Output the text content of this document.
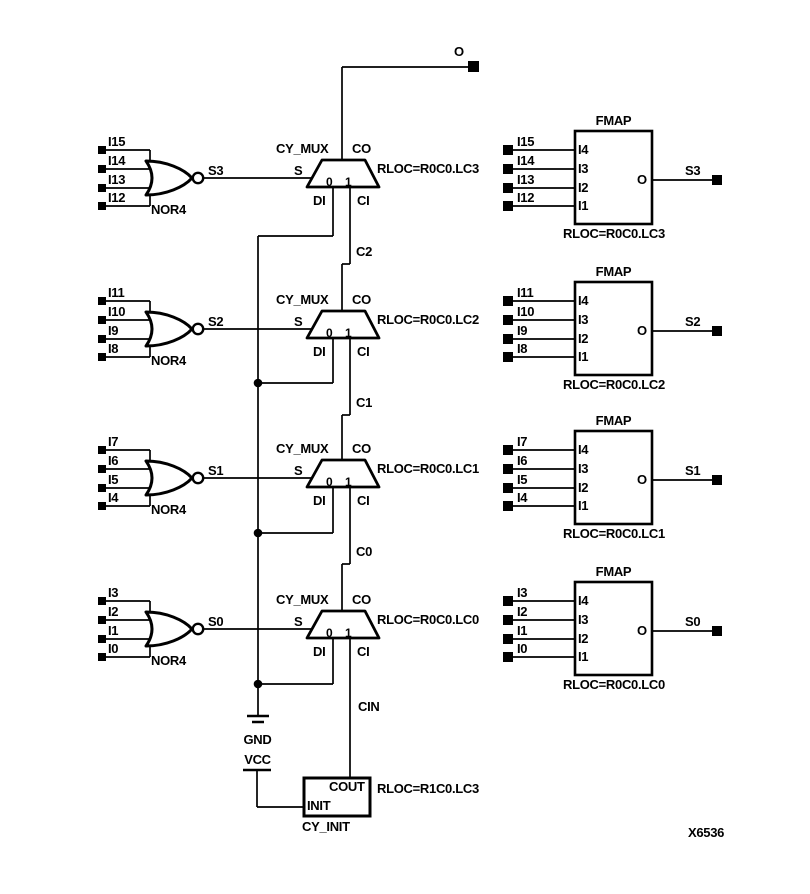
O
I15
I14
I13
I12
S3
NOR4
CY_MUX CO
S	RLOC=R0C0.LC3
0 1
DI CI
C2
FMAP
I15
I14
I13
I12
I4
I3
I2
I1
O
S3
RLOC=R0C0.LC3
I11
I10
I9
I8
S2
NOR4
CY_MUX CO
S	RLOC=R0C0.LC2
0 1
DI CI
C1
FMAP
I11
I10
I9
I8
I4
I3
I2
I1
O
S2
RLOC=R0C0.LC2
I7
I6
I5
I4
S1
NOR4
CY_MUX CO
S	RLOC=R0C0.LC1
0 1
DI CI
C0
FMAP
I7
I6
I5
I4
I4
I3
I2
I1
O
S1
RLOC=R0C0.LC1
I3
I2
I1
I0
S0
NOR4
CY_MUX CO
S	RLOC=R0C0.LC0
0 1
DI CI
CIN
FMAP
I3
I2
I1
I0
I4
I3
I2
I1
O
S0
RLOC=R0C0.LC0
GND
VCC
COUT
INIT
RLOC=R1C0.LC3
CY_INIT	X6536
